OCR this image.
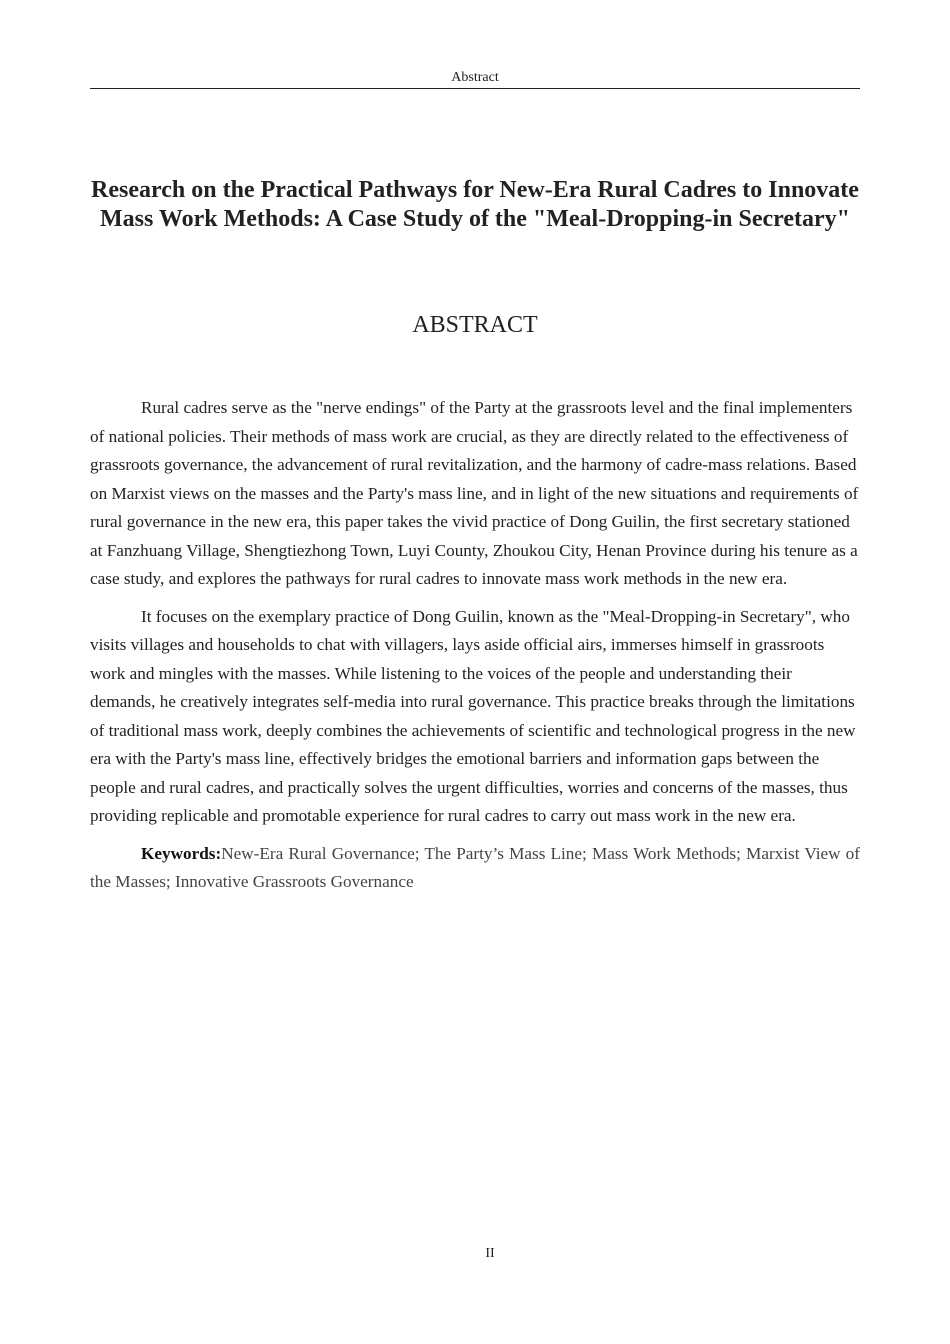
Abstract
Research on the Practical Pathways for New-Era Rural Cadres to Innovate Mass Work Methods: A Case Study of the "Meal-Dropping-in Secretary"
ABSTRACT

Rural cadres serve as the "nerve endings" of the Party at the grassroots level and the final implementers of national policies. Their methods of mass work are crucial, as they are directly related to the effectiveness of grassroots governance, the advancement of rural revitalization, and the harmony of cadre-mass relations. Based on Marxist views on the masses and the Party's mass line, and in light of the new situations and requirements of rural governance in the new era, this paper takes the vivid practice of Dong Guilin, the first secretary stationed at Fanzhuang Village, Shengtiezhong Town, Luyi County, Zhoukou City, Henan Province during his tenure as a case study, and explores the pathways for rural cadres to innovate mass work methods in the new era.

It focuses on the exemplary practice of Dong Guilin, known as the "Meal-Dropping-in Secretary", who visits villages and households to chat with villagers, lays aside official airs, immerses himself in grassroots work and mingles with the masses. While listening to the voices of the people and understanding their demands, he creatively integrates self-media into rural governance. This practice breaks through the limitations of traditional mass work, deeply combines the achievements of scientific and technological progress in the new era with the Party's mass line, effectively bridges the emotional barriers and information gaps between the people and rural cadres, and practically solves the urgent difficulties, worries and concerns of the masses, thus providing replicable and promotable experience for rural cadres to carry out mass work in the new era.

Keywords:New-Era Rural Governance; The Party’s Mass Line; Mass Work Methods; Marxist View of the Masses; Innovative Grassroots Governance

II
